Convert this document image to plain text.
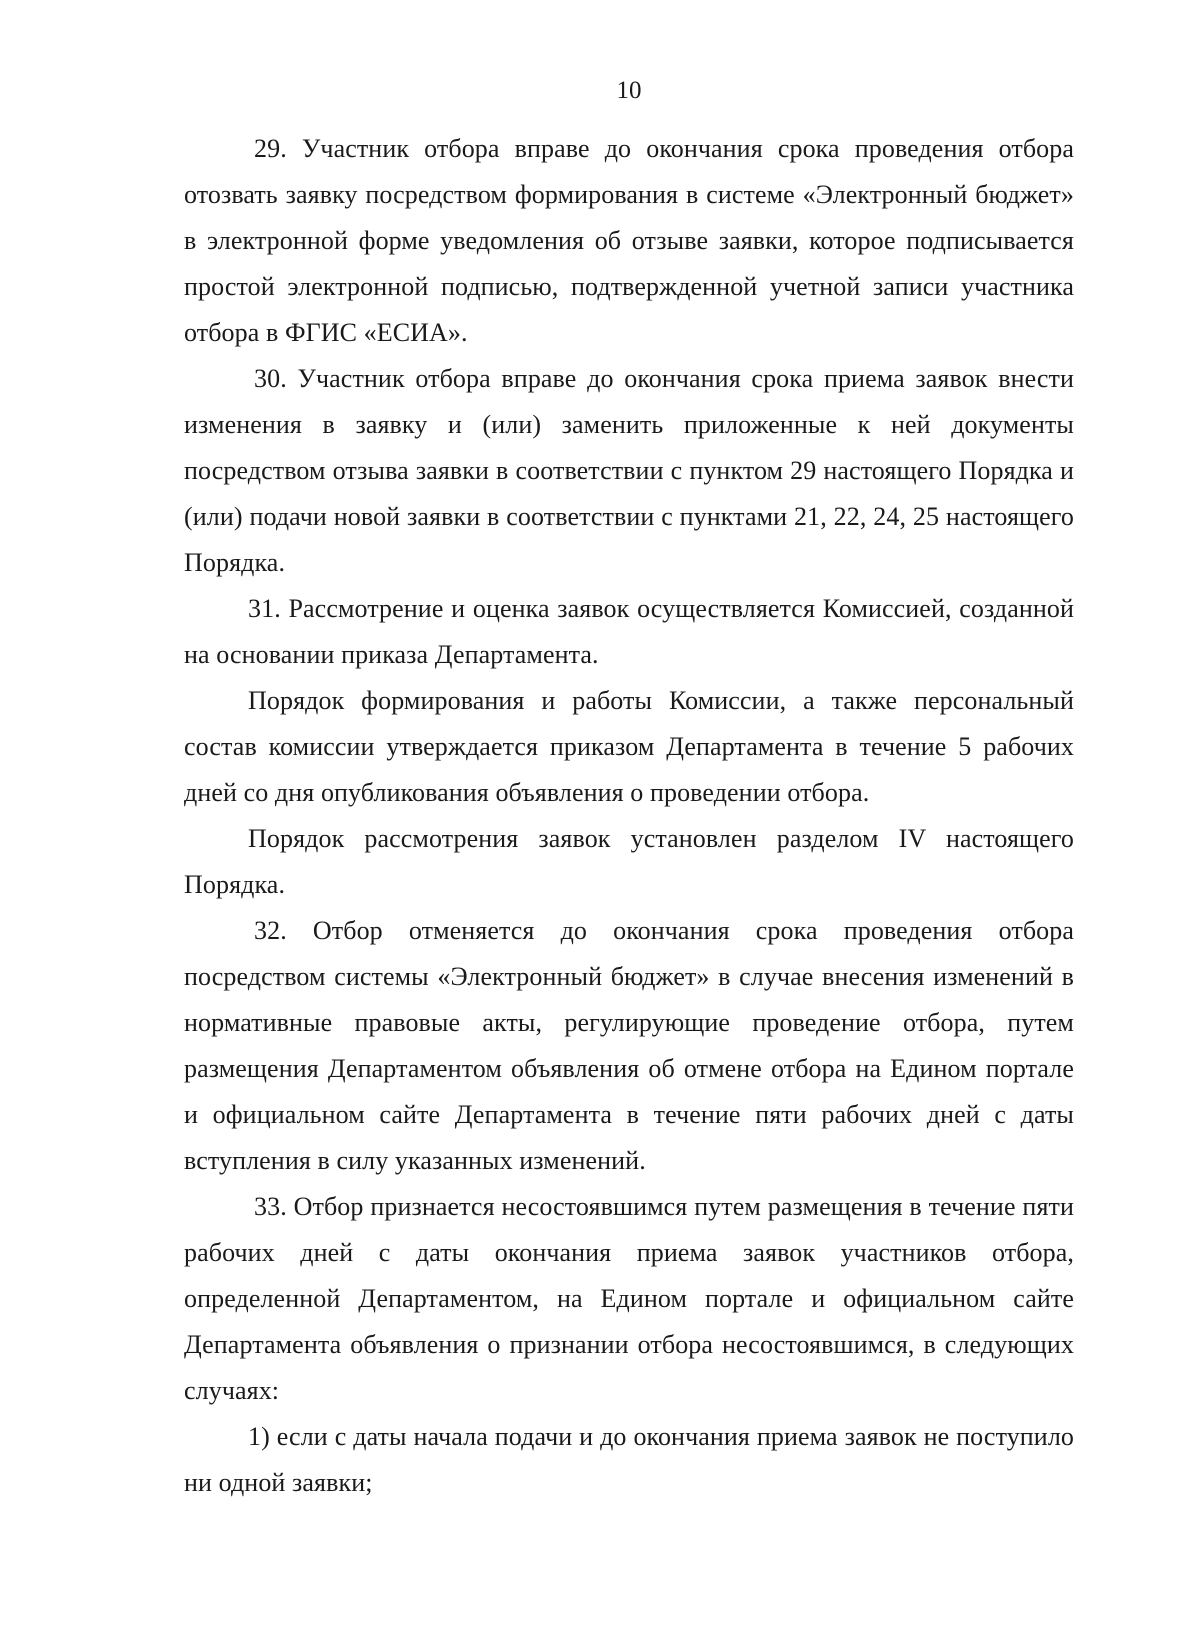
10

29. Участник отбора вправе до окончания срока проведения отбора отозвать заявку посредством формирования в системе «Электронный бюджет» в электронной форме уведомления об отзыве заявки, которое подписывается простой электронной подписью, подтвержденной учетной записи участника отбора в ФГИС «ЕСИА».

30. Участник отбора вправе до окончания срока приема заявок внести изменения в заявку и (или) заменить приложенные к ней документы посредством отзыва заявки в соответствии с пунктом 29 настоящего Порядка и (или) подачи новой заявки в соответствии с пунктами 21, 22, 24, 25 настоящего Порядка.

31. Рассмотрение и оценка заявок осуществляется Комиссией, созданной на основании приказа Департамента.

Порядок формирования и работы Комиссии, а также персональный состав комиссии утверждается приказом Департамента в течение 5 рабочих дней со дня опубликования объявления о проведении отбора.

Порядок рассмотрения заявок установлен разделом IV настоящего Порядка.

32. Отбор отменяется до окончания срока проведения отбора посредством системы «Электронный бюджет» в случае внесения изменений в нормативные правовые акты, регулирующие проведение отбора, путем размещения Департаментом объявления об отмене отбора на Едином портале и официальном сайте Департамента в течение пяти рабочих дней с даты вступления в силу указанных изменений.

33. Отбор признается несостоявшимся путем размещения в течение пяти рабочих дней с даты окончания приема заявок участников отбора, определенной Департаментом, на Едином портале и официальном сайте Департамента объявления о признании отбора несостоявшимся, в следующих случаях:

1) если с даты начала подачи и до окончания приема заявок не поступило ни одной заявки;
